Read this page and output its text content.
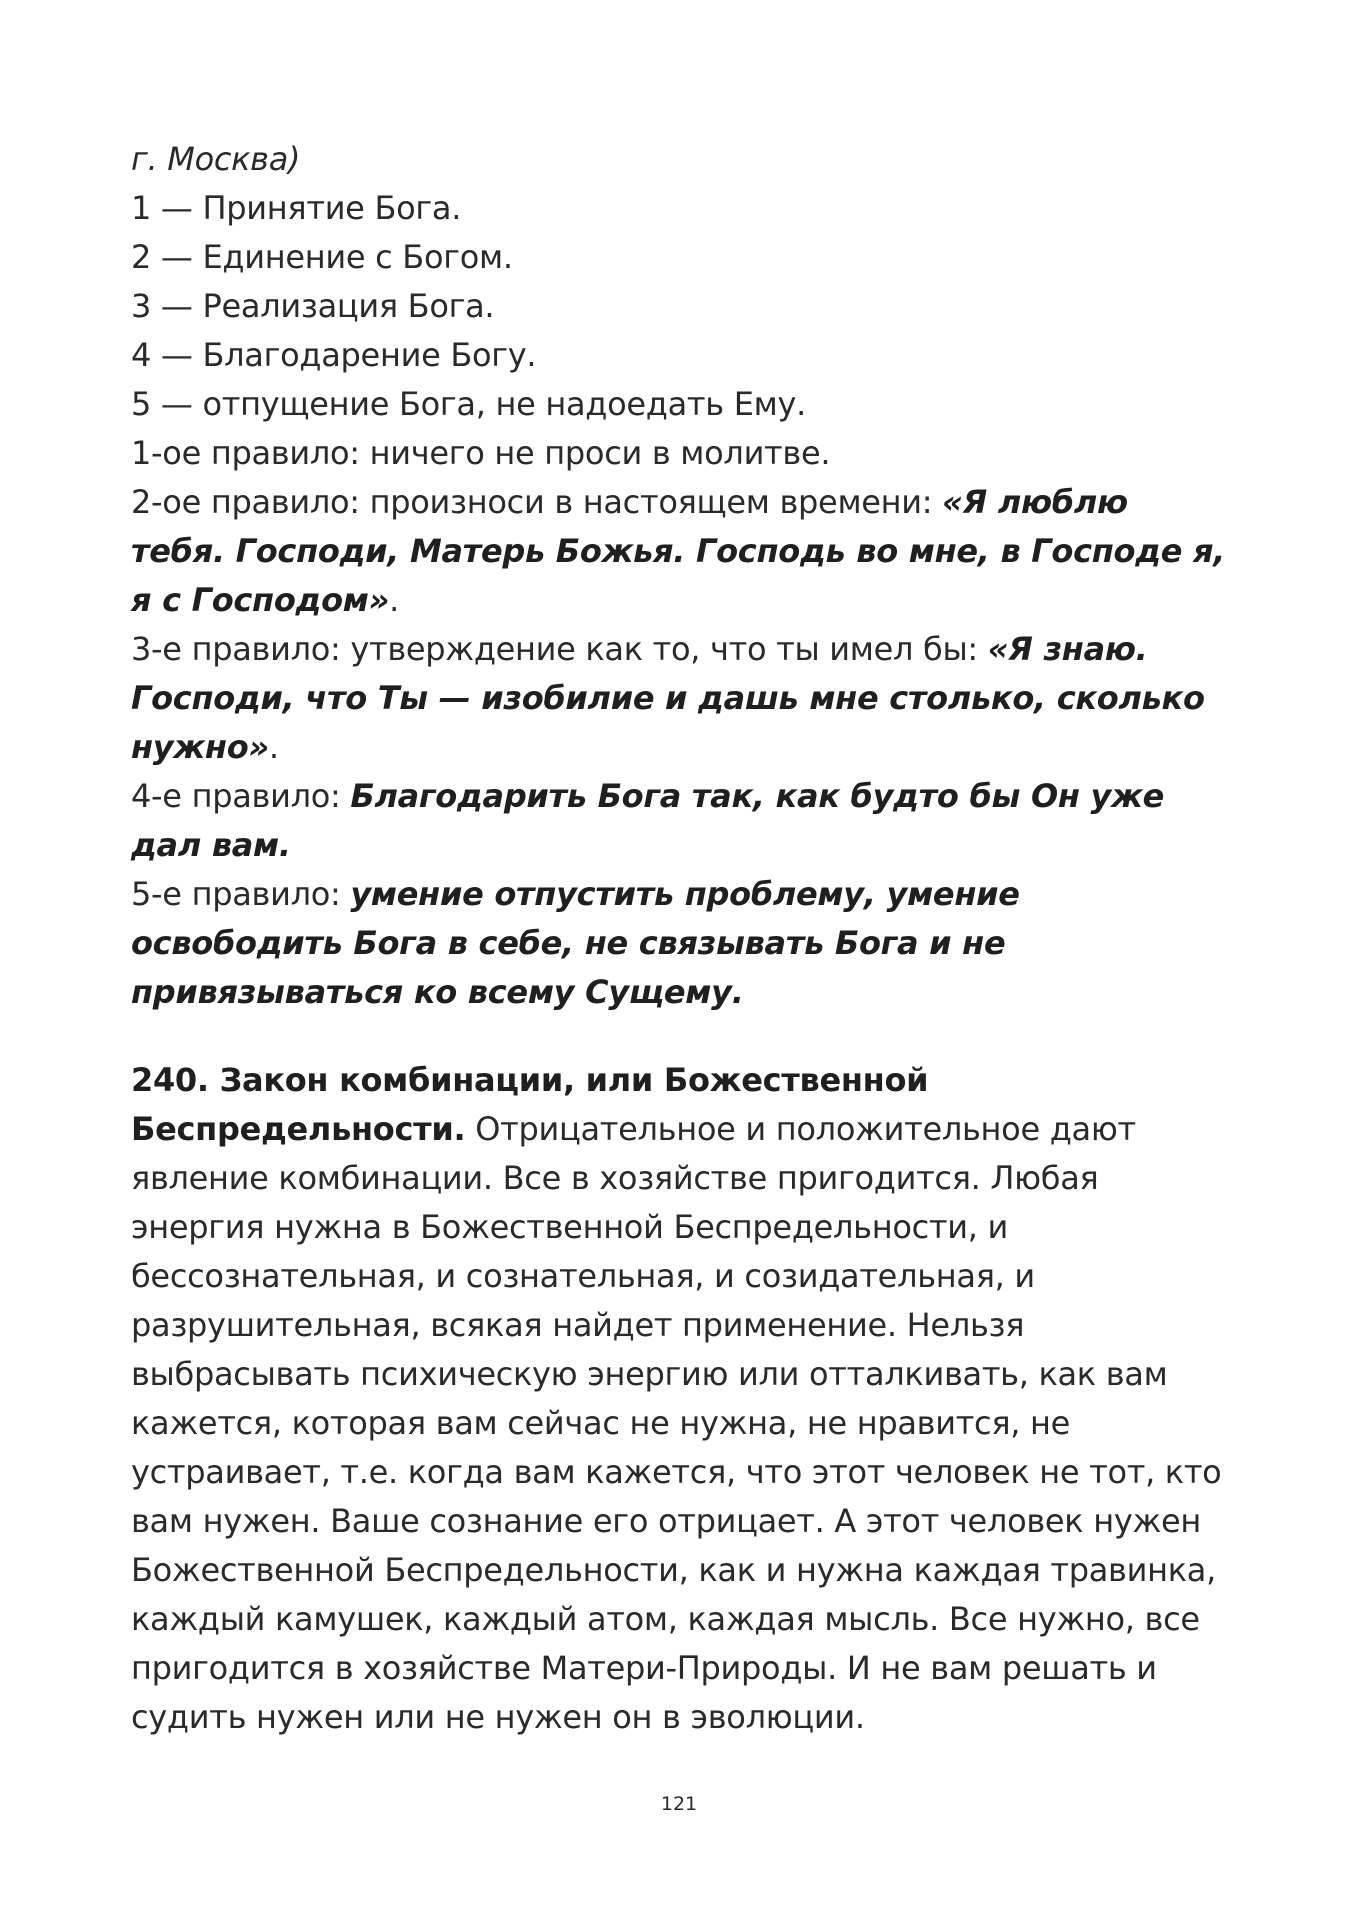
г. Москва)
1 — Принятие Бога.
2 — Единение с Богом.
3 — Реализация Бога.
4 — Благодарение Богу.
5 — отпущение Бога, не надоедать Ему.
1-ое правило: ничего не проси в молитве.
2-ое правило: произноси в настоящем времени: «Я люблю
тебя. Господи, Матерь Божья. Господь во мне, в Господе я,
я с Господом».
3-е правило: утверждение как то, что ты имел бы: «Я знаю.
Господи, что Ты — изобилие и дашь мне столько, сколько
нужно».
4-е правило: Благодарить Бога так, как будто бы Он уже
дал вам.
5-е правило: умение отпустить проблему, умение
освободить Бога в себе, не связывать Бога и не
привязываться ко всему Сущему.
240. Закон комбинации, или Божественной
Беспредельности. Отрицательное и положительное дают
явление комбинации. Все в хозяйстве пригодится. Любая
энергия нужна в Божественной Беспредельности, и
бессознательная, и сознательная, и созидательная, и
разрушительная, всякая найдет применение. Нельзя
выбрасывать психическую энергию или отталкивать, как вам
кажется, которая вам сейчас не нужна, не нравится, не
устраивает, т.е. когда вам кажется, что этот человек не тот, кто
вам нужен. Ваше сознание его отрицает. А этот человек нужен
Божественной Беспредельности, как и нужна каждая травинка,
каждый камушек, каждый атом, каждая мысль. Все нужно, все
пригодится в хозяйстве Матери-Природы. И не вам решать и
судить нужен или не нужен он в эволюции.
121
